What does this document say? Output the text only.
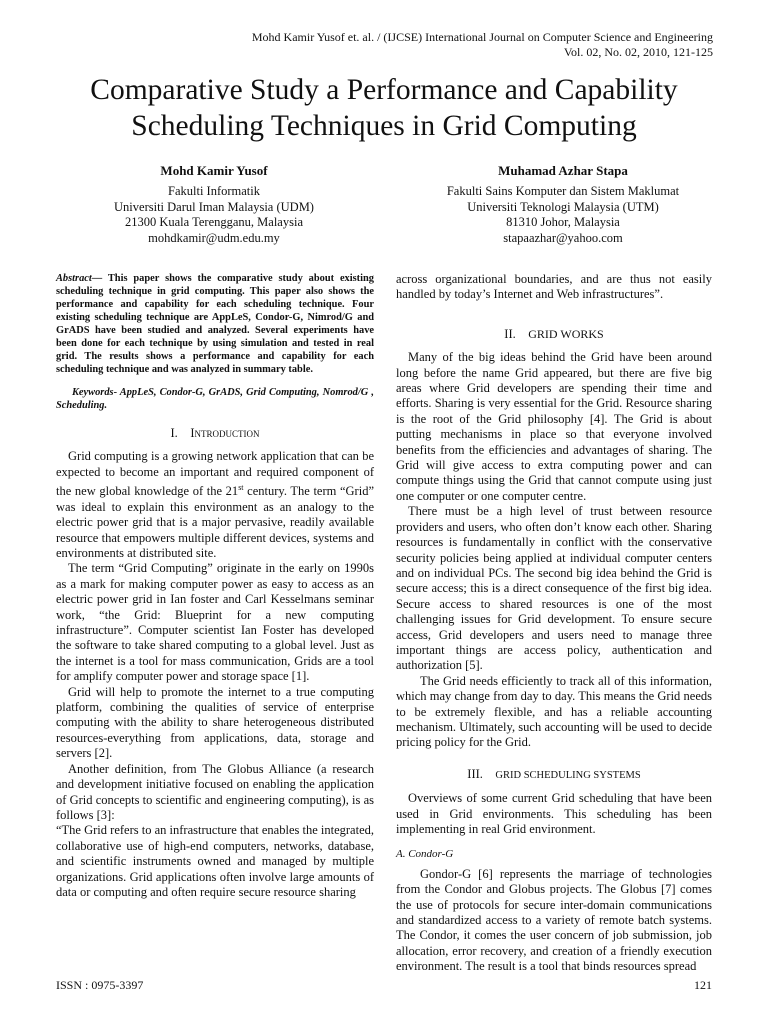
Mohd Kamir Yusof et. al. / (IJCSE) International Journal on Computer Science and Engineering
Vol. 02, No. 02, 2010, 121-125
Comparative Study a Performance and Capability
Scheduling Techniques in Grid Computing
Mohd Kamir Yusof
Fakulti Informatik
Universiti Darul Iman Malaysia (UDM)
21300 Kuala Terengganu, Malaysia
mohdkamir@udm.edu.my
Muhamad Azhar Stapa
Fakulti Sains Komputer dan Sistem Maklumat
Universiti Teknologi Malaysia (UTM)
81310 Johor, Malaysia
stapaazhar@yahoo.com

Abstract— This paper shows the comparative study about existing scheduling technique in grid computing. This paper also shows the performance and capability for each scheduling technique. Four existing scheduling technique are AppLeS, Condor-G, Nimrod/G and GrADS have been studied and analyzed. Several experiments have been done for each technique by using simulation and tested in real grid. The results shows a performance and capability for each scheduling technique and was analyzed in summary table.

Keywords- AppLeS, Condor-G, GrADS, Grid Computing, Nomrod/G , Scheduling.

I. Introduction

Grid computing is a growing network application that can be expected to become an important and required component of the new global knowledge of the 21st century. The term “Grid” was ideal to explain this environment as an analogy to the electric power grid that is a major pervasive, readily available resource that empowers multiple different devices, systems and environments at distributed site.

The term “Grid Computing” originate in the early on 1990s as a mark for making computer power as easy to access as an electric power grid in Ian foster and Carl Kesselmans seminar work, “the Grid: Blueprint for a new computing infrastructure”. Computer scientist Ian Foster has developed the software to take shared computing to a global level. Just as the internet is a tool for mass communication, Grids are a tool for amplify computer power and storage space [1].

Grid will help to promote the internet to a true computing platform, combining the qualities of service of enterprise computing with the ability to share heterogeneous distributed resources-everything from applications, data, storage and servers [2].

Another definition, from The Globus Alliance (a research and development initiative focused on enabling the application of Grid concepts to scientific and engineering computing), is as follows [3]:

“The Grid refers to an infrastructure that enables the integrated, collaborative use of high-end computers, networks, database, and scientific instruments owned and managed by multiple organizations. Grid applications often involve large amounts of data or computing and often require secure resource sharing

across organizational boundaries, and are thus not easily handled by today’s Internet and Web infrastructures”.

II. GRID WORKS

Many of the big ideas behind the Grid have been around long before the name Grid appeared, but there are five big areas where Grid developers are spending their time and efforts. Sharing is very essential for the Grid. Resource sharing is the root of the Grid philosophy [4]. The Grid is about putting mechanisms in place so that everyone involved benefits from the efficiencies and advantages of sharing. The Grid will give access to extra computing power and can compute things using the Grid that cannot compute using just one computer or one computer centre.

There must be a high level of trust between resource providers and users, who often don’t know each other. Sharing resources is fundamentally in conflict with the conservative security policies being applied at individual computer centers and on individual PCs. The second big idea behind the Grid is secure access; this is a direct consequence of the first big idea. Secure access to shared resources is one of the most challenging issues for Grid development. To ensure secure access, Grid developers and users need to manage three important things are access policy, authentication and authorization [5].

The Grid needs efficiently to track all of this information, which may change from day to day. This means the Grid needs to be extremely flexible, and has a reliable accounting mechanism. Ultimately, such accounting will be used to decide pricing policy for the Grid.

III. GRID SCHEDULING SYSTEMS

Overviews of some current Grid scheduling that have been used in Grid environments. This scheduling has been implementing in real Grid environment.

A. Condor-G

Gondor-G [6] represents the marriage of technologies from the Condor and Globus projects. The Globus [7] comes the use of protocols for secure inter-domain communications and standardized access to a variety of remote batch systems. The Condor, it comes the user concern of job submission, job allocation, error recovery, and creation of a friendly execution environment. The result is a tool that binds resources spread

ISSN : 0975-3397	121
